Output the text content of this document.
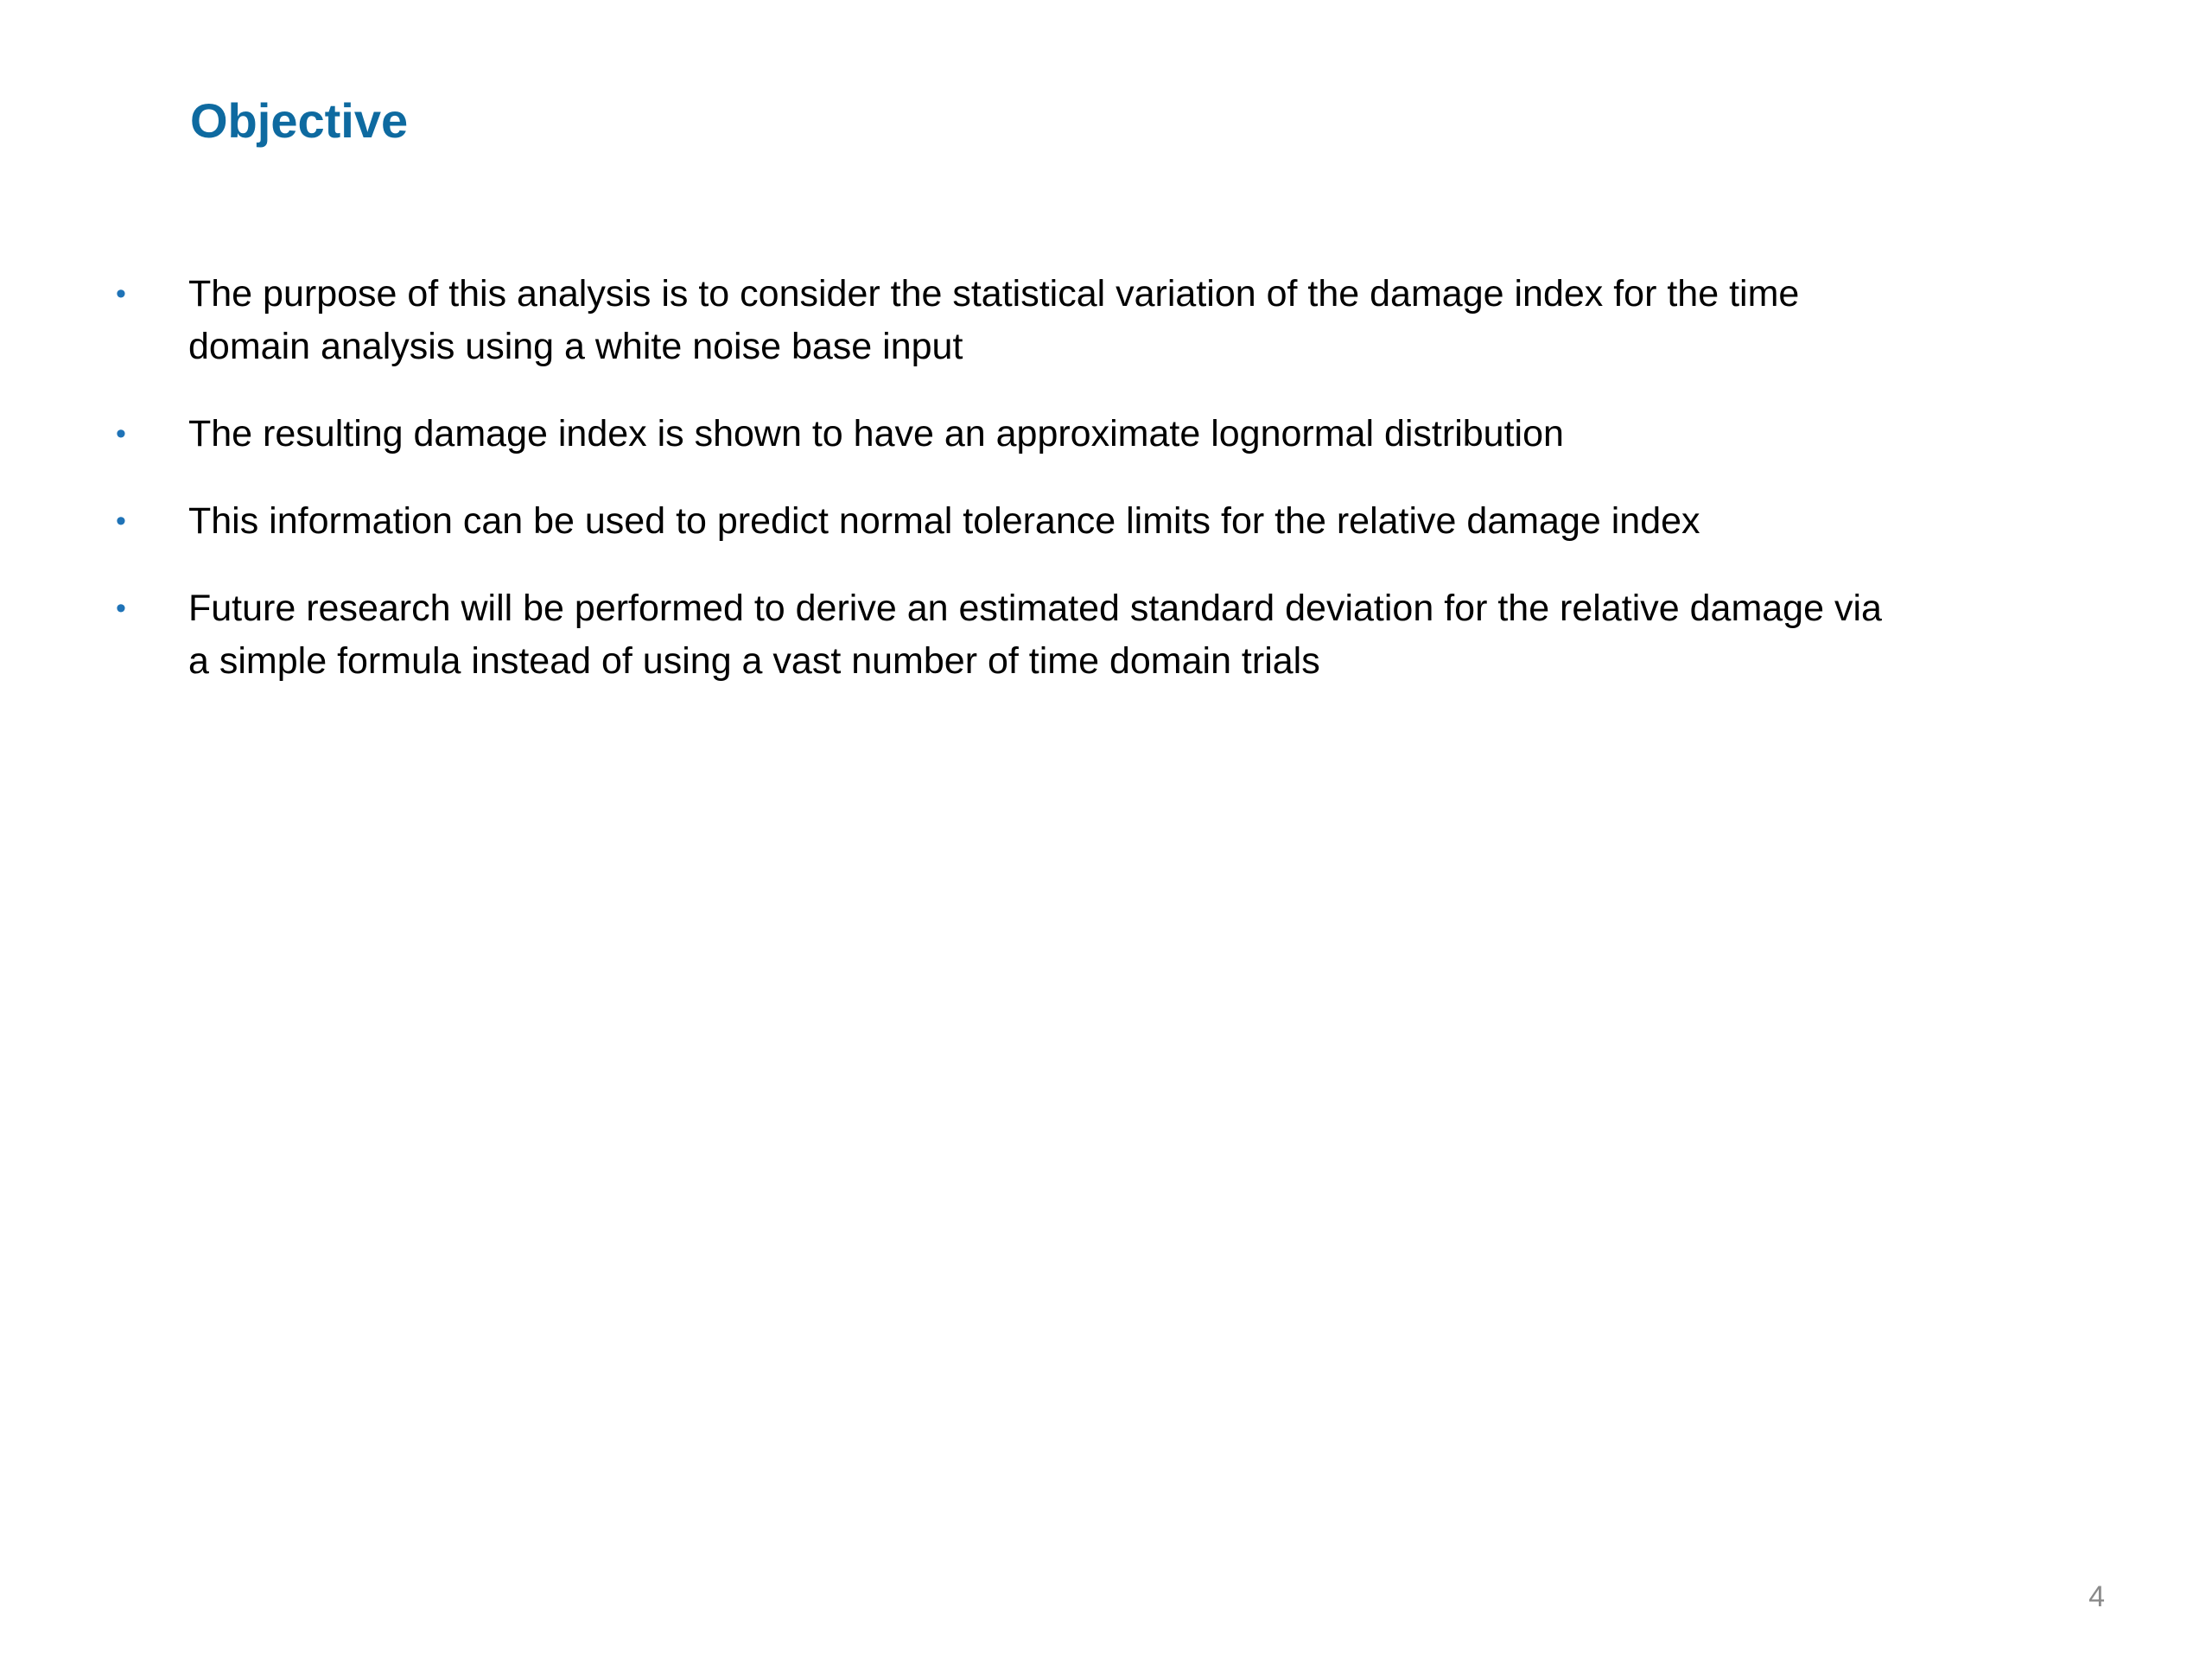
Objective
•	The purpose of this analysis is to consider the statistical variation of the damage index for the time domain analysis using a white noise base input
•	The resulting damage index is shown to have an approximate lognormal distribution
•	This information can be used to predict normal tolerance limits for the relative damage index
•	Future research will be performed to derive an estimated standard deviation for the relative damage via a simple formula instead of using a vast number of time domain trials
4
